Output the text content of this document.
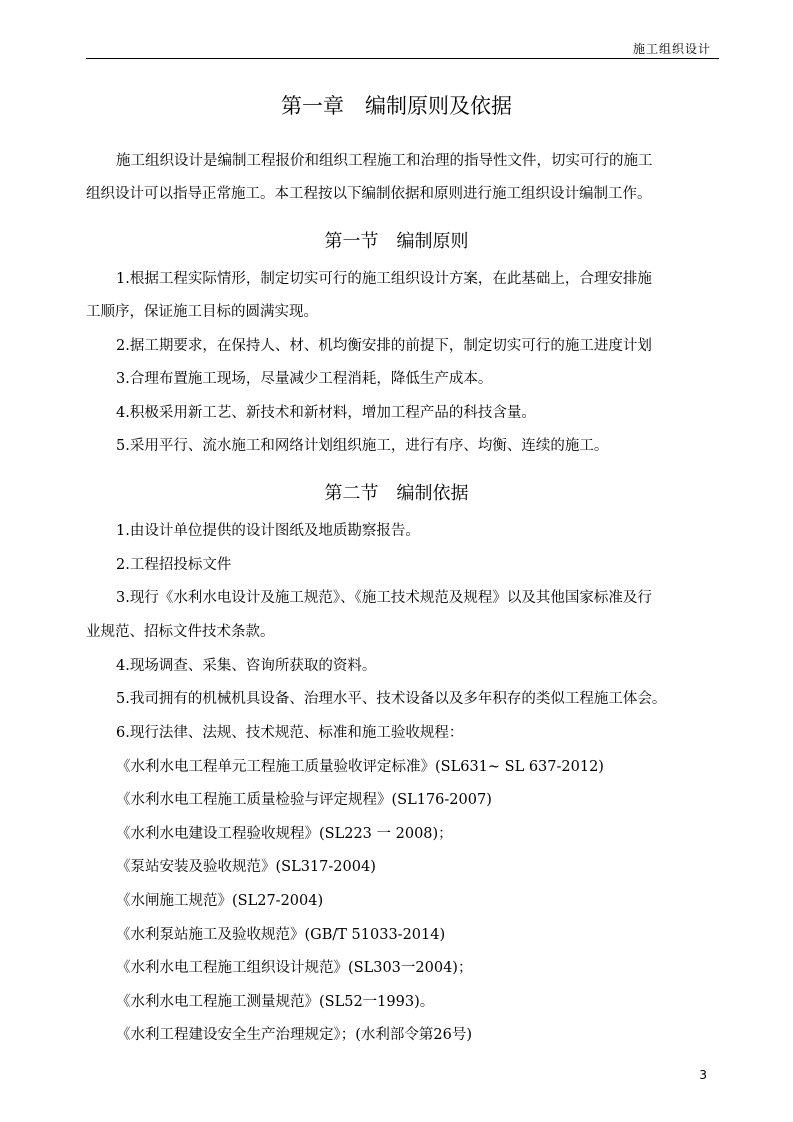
施工组织设计
第一章　编制原则及依据
施工组织设计是编制工程报价和组织工程施工和治理的指导性文件，切实可行的施工
组织设计可以指导正常施工。本工程按以下编制依据和原则进行施工组织设计编制工作。
第一节　编制原则
1.根据工程实际情形，制定切实可行的施工组织设计方案，在此基础上，合理安排施
工顺序，保证施工目标的圆满实现。
2.据工期要求，在保持人、材、机均衡安排的前提下，制定切实可行的施工进度计划
3.合理布置施工现场，尽量减少工程消耗，降低生产成本。
4.积极采用新工艺、新技术和新材料，增加工程产品的科技含量。
5.采用平行、流水施工和网络计划组织施工，进行有序、均衡、连续的施工。
第二节　编制依据
1.由设计单位提供的设计图纸及地质勘察报告。
2.工程招投标文件
3.现行《水利水电设计及施工规范》、《施工技术规范及规程》以及其他国家标准及行
业规范、招标文件技术条款。
4.现场调查、采集、咨询所获取的资料。
5.我司拥有的机械机具设备、治理水平、技术设备以及多年积存的类似工程施工体会。
6.现行法律、法规、技术规范、标准和施工验收规程：
《水利水电工程单元工程施工质量验收评定标准》(SL631~ SL 637-2012)
《水利水电工程施工质量检验与评定规程》(SL176-2007)
《水利水电建设工程验收规程》(SL223 一 2008)；
《泵站安装及验收规范》(SL317-2004)
《水闸施工规范》(SL27-2004)
《水利泵站施工及验收规范》(GB/T 51033-2014)
《水利水电工程施工组织设计规范》(SL303一2004)；
《水利水电工程施工测量规范》(SL52一1993)。
《水利工程建设安全生产治理规定》；(水利部令第26号)
3
